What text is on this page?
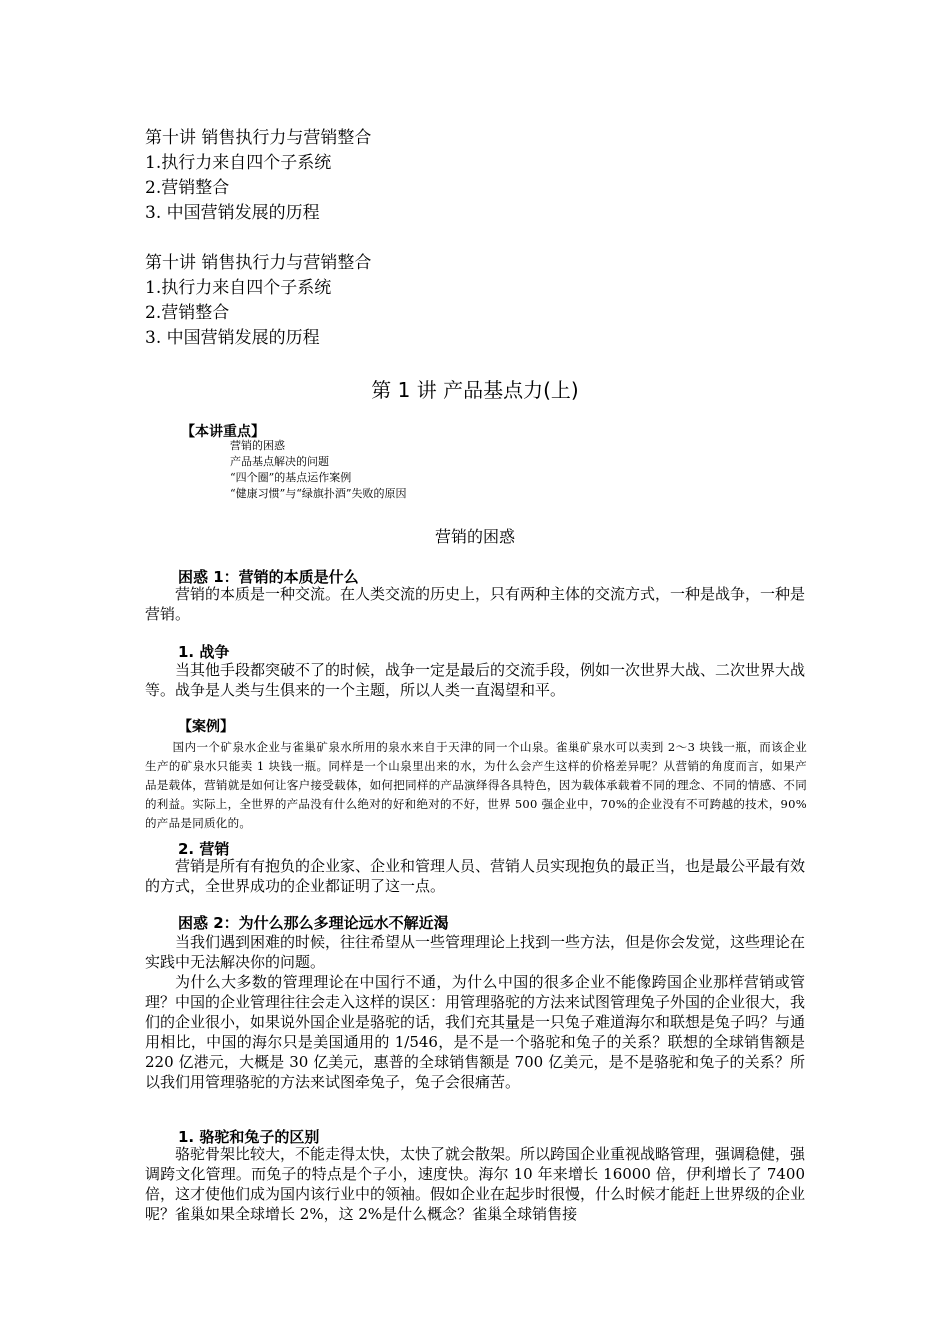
第十讲 销售执行力与营销整合
1.执行力来自四个子系统
2.营销整合
3. 中国营销发展的历程
第十讲 销售执行力与营销整合
1.执行力来自四个子系统
2.营销整合
3. 中国营销发展的历程
第 1 讲 产品基点力(上)
【本讲重点】
营销的困惑
产品基点解决的问题
“四个圈”的基点运作案例
“健康习惯”与“绿旗扑酒”失败的原因
营销的困惑
困惑 1：营销的本质是什么

营销的本质是一种交流。在人类交流的历史上，只有两种主体的交流方式，一种是战争，一种是营销。

1. 战争

当其他手段都突破不了的时候，战争一定是最后的交流手段，例如一次世界大战、二次世界大战等。战争是人类与生俱来的一个主题，所以人类一直渴望和平。

【案例】

国内一个矿泉水企业与雀巢矿泉水所用的泉水来自于天津的同一个山泉。雀巢矿泉水可以卖到 2～3 块钱一瓶，而该企业生产的矿泉水只能卖 1 块钱一瓶。同样是一个山泉里出来的水，为什么会产生这样的价格差异呢？从营销的角度而言，如果产品是载体，营销就是如何让客户接受载体，如何把同样的产品演绎得各具特色，因为载体承载着不同的理念、不同的情感、不同的利益。实际上，全世界的产品没有什么绝对的好和绝对的不好，世界 500 强企业中，70%的企业没有不可跨越的技术，90%的产品是同质化的。

2. 营销

营销是所有有抱负的企业家、企业和管理人员、营销人员实现抱负的最正当，也是最公平最有效的方式，全世界成功的企业都证明了这一点。

困惑 2：为什么那么多理论远水不解近渴

当我们遇到困难的时候，往往希望从一些管理理论上找到一些方法，但是你会发觉，这些理论在实践中无法解决你的问题。

为什么大多数的管理理论在中国行不通，为什么中国的很多企业不能像跨国企业那样营销或管理？中国的企业管理往往会走入这样的误区：用管理骆驼的方法来试图管理兔子外国的企业很大，我们的企业很小，如果说外国企业是骆驼的话，我们充其量是一只兔子难道海尔和联想是兔子吗？与通用相比，中国的海尔只是美国通用的 1/546，是不是一个骆驼和兔子的关系？联想的全球销售额是 220 亿港元，大概是 30 亿美元，惠普的全球销售额是 700 亿美元，是不是骆驼和兔子的关系？所以我们用管理骆驼的方法来试图牵兔子，兔子会很痛苦。

1. 骆驼和兔子的区别

骆驼骨架比较大，不能走得太快，太快了就会散架。所以跨国企业重视战略管理，强调稳健，强调跨文化管理。而兔子的特点是个子小，速度快。海尔 10 年来增长 16000 倍，伊利增长了 7400 倍，这才使他们成为国内该行业中的领袖。假如企业在起步时很慢，什么时候才能赶上世界级的企业呢？雀巢如果全球增长 2%，这 2%是什么概念？雀巢全球销售接
